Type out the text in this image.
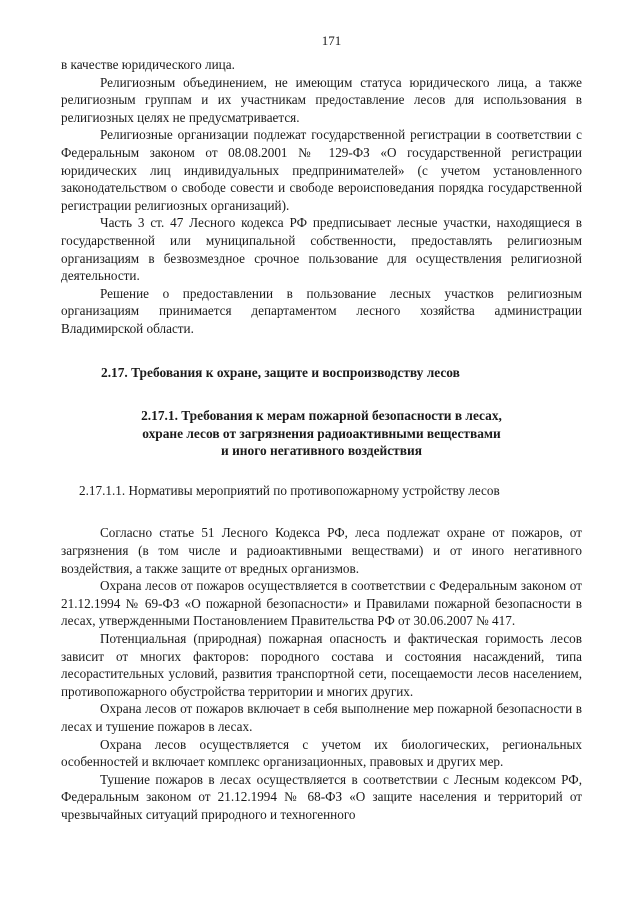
171

в качестве юридического лица.

Религиозным объединением, не имеющим статуса юридического лица, а также религиозным группам и их участникам предоставление лесов для использования в религиозных целях не предусматривается.

Религиозные организации подлежат государственной регистрации в соответствии с Федеральным законом от 08.08.2001 № 129-ФЗ «О государственной регистрации юридических лиц индивидуальных предпринимателей» (с учетом установленного законодательством о свободе совести и свободе вероисповедания порядка государственной регистрации религиозных организаций).

Часть 3 ст. 47 Лесного кодекса РФ предписывает лесные участки, находящиеся в государственной или муниципальной собственности, предоставлять религиозным организациям в безвозмездное срочное пользование для осуществления религиозной деятельности.

Решение о предоставлении в пользование лесных участков религиозным организациям принимается департаментом лесного хозяйства администрации Владимирской области.

2.17. Требования к охране, защите и воспроизводству лесов
2.17.1. Требования к мерам пожарной безопасности в лесах,
охране лесов от загрязнения радиоактивными веществами
и иного негативного воздействия
2.17.1.1. Нормативы мероприятий по противопожарному устройству лесов

Согласно статье 51 Лесного Кодекса РФ, леса подлежат охране от пожаров, от загрязнения (в том числе и радиоактивными веществами) и от иного негативного воздействия, а также защите от вредных организмов.

Охрана лесов от пожаров осуществляется в соответствии с Федеральным законом от 21.12.1994 № 69-ФЗ «О пожарной безопасности» и Правилами пожарной безопасности в лесах, утвержденными Постановлением Правительства РФ от 30.06.2007 № 417.

Потенциальная (природная) пожарная опасность и фактическая горимость лесов зависит от многих факторов: породного состава и состояния насаждений, типа лесорастительных условий, развития транспортной сети, посещаемости лесов населением, противопожарного обустройства территории и многих других.

Охрана лесов от пожаров включает в себя выполнение мер пожарной безопасности в лесах и тушение пожаров в лесах.

Охрана лесов осуществляется с учетом их биологических, региональных особенностей и включает комплекс организационных, правовых и других мер.

Тушение пожаров в лесах осуществляется в соответствии с Лесным кодексом РФ, Федеральным законом от 21.12.1994 № 68-ФЗ «О защите населения и территорий от чрезвычайных ситуаций природного и техногенного
